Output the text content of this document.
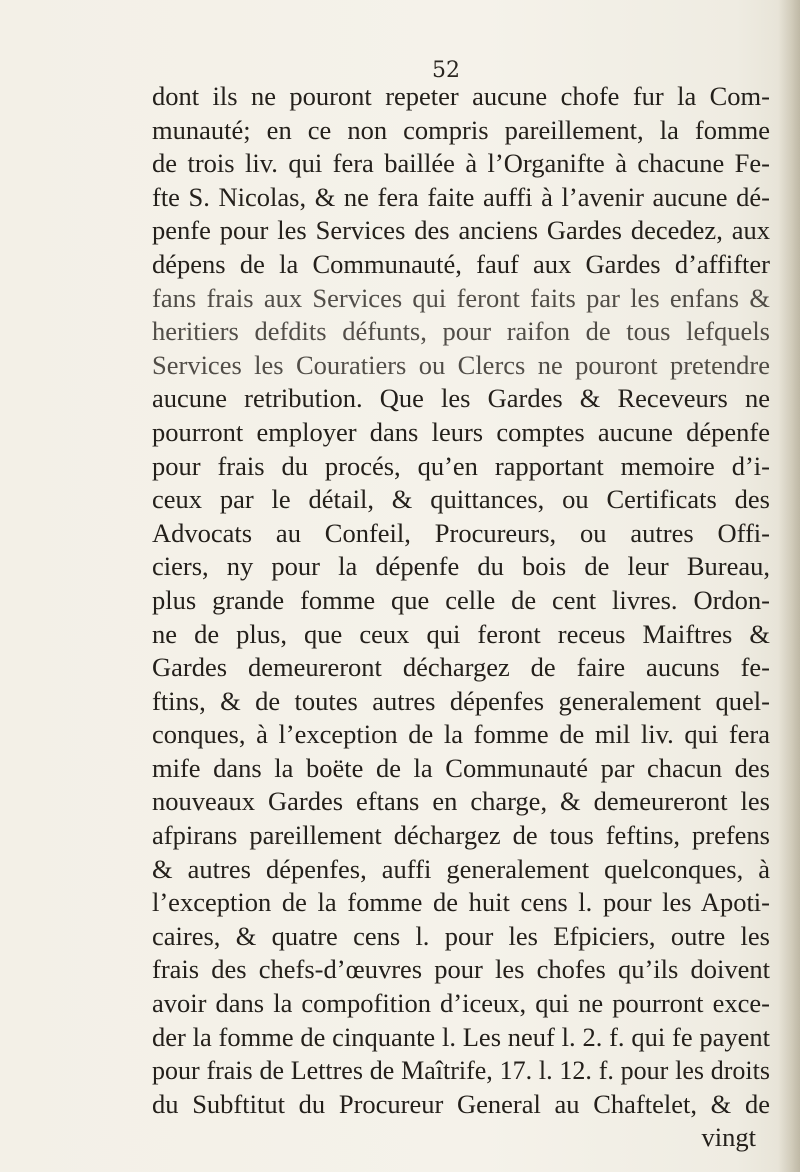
52
dont ils ne pouront repeter aucune chofe fur la Com-
munauté; en ce non compris pareillement, la fomme
de trois liv. qui fera baillée à l’Organifte à chacune Fe-
fte S. Nicolas, & ne fera faite auffi à l’avenir aucune dé-
penfe pour les Services des anciens Gardes decedez, aux
dépens de la Communauté, fauf aux Gardes d’affifter
fans frais aux Services qui feront faits par les enfans &
heritiers defdits défunts, pour raifon de tous lefquels
Services les Couratiers ou Clercs ne pouront pretendre
aucune retribution. Que les Gardes & Receveurs ne
pourront employer dans leurs comptes aucune dépenfe
pour frais du procés, qu’en rapportant memoire d’i-
ceux par le détail, & quittances, ou Certificats des
Advocats au Confeil, Procureurs, ou autres Offi-
ciers, ny pour la dépenfe du bois de leur Bureau,
plus grande fomme que celle de cent livres. Ordon-
ne de plus, que ceux qui feront receus Maiftres &
Gardes demeureront déchargez de faire aucuns fe-
ftins, & de toutes autres dépenfes generalement quel-
conques, à l’exception de la fomme de mil liv. qui fera
mife dans la boëte de la Communauté par chacun des
nouveaux Gardes eftans en charge, & demeureront les
afpirans pareillement déchargez de tous feftins, prefens
& autres dépenfes, auffi generalement quelconques, à
l’exception de la fomme de huit cens l. pour les Apoti-
caires, & quatre cens l. pour les Efpiciers, outre les
frais des chefs-d’œuvres pour les chofes qu’ils doivent
avoir dans la compofition d’iceux, qui ne pourront exce-
der la fomme de cinquante l. Les neuf l. 2. f. qui fe payent
pour frais de Lettres de Maîtrife, 17. l. 12. f. pour les droits
du Subftitut du Procureur General au Chaftelet, & de
vingt
